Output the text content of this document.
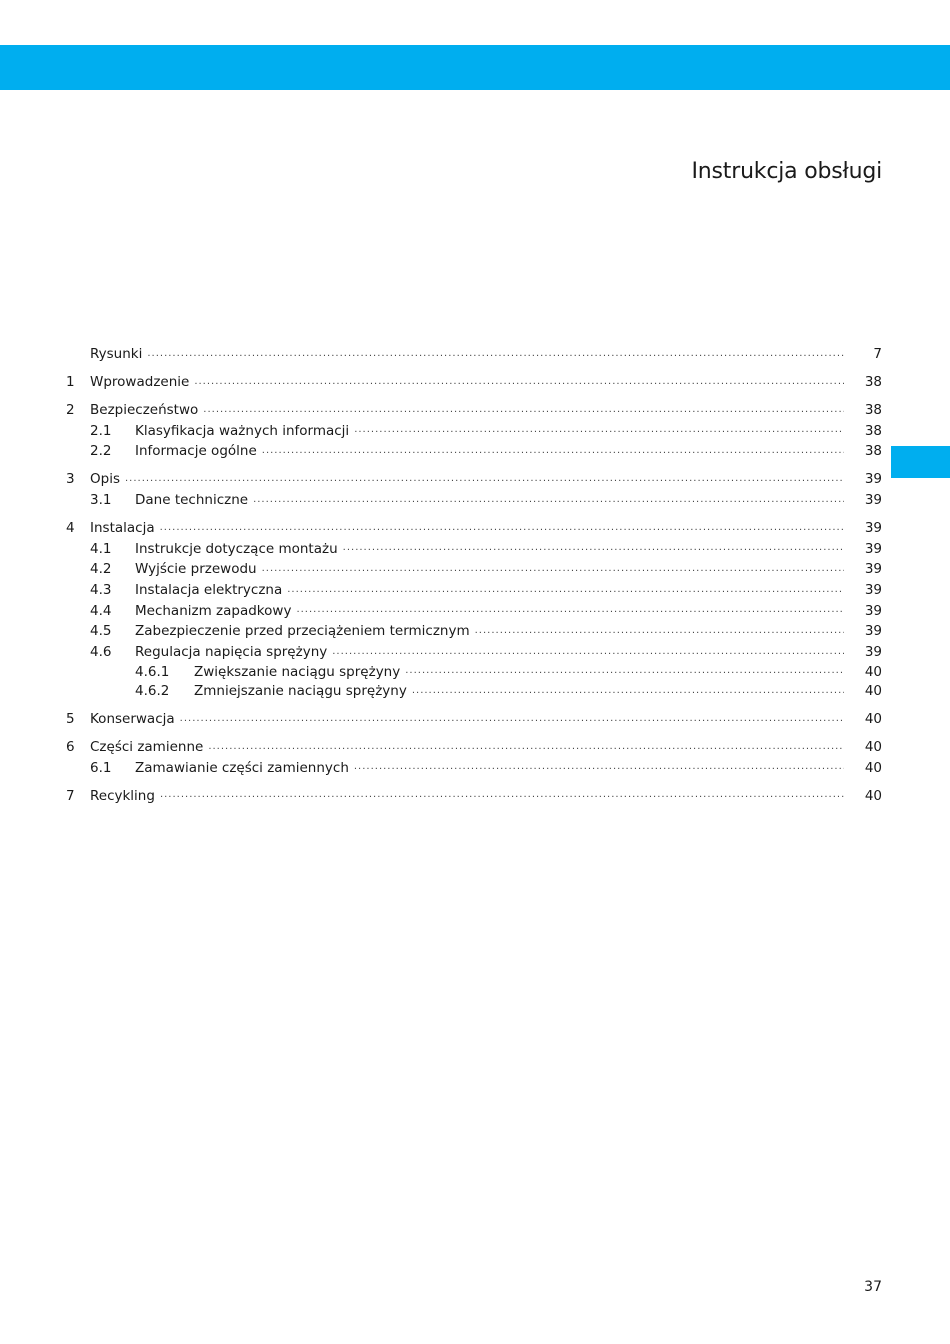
Instrukcja obsługi
Rysunki .....	7
1	Wprowadzenie .....	38
2	Bezpieczeństwo .....	38
2.1	Klasyfikacja ważnych informacji .....	38
2.2	Informacje ogólne .....	38
3	Opis .....	39
3.1	Dane techniczne .....	39
4	Instalacja .....	39
4.1	Instrukcje dotyczące montażu .....	39
4.2	Wyjście przewodu .....	39
4.3	Instalacja elektryczna .....	39
4.4	Mechanizm zapadkowy .....	39
4.5	Zabezpieczenie przed przeciążeniem termicznym .....	39
4.6	Regulacja napięcia sprężyny .....	39
4.6.1	Zwiększanie naciągu sprężyny .....	40
4.6.2	Zmniejszanie naciągu sprężyny .....	40
5	Konserwacja .....	40
6	Części zamienne .....	40
6.1	Zamawianie części zamiennych .....	40
7	Recykling .....	40
37
